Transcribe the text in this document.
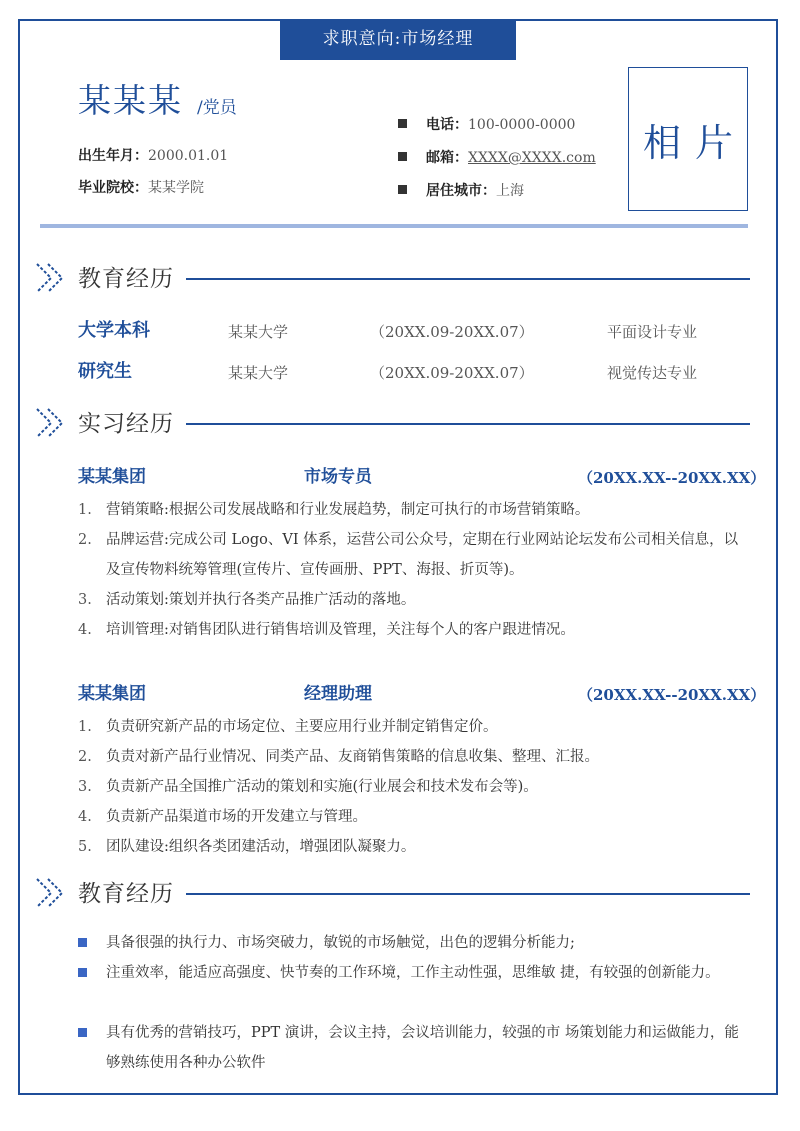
求职意向:市场经理
某某某 /党员
出生年月：2000.01.01
毕业院校：某某学院
电话：100-0000-0000
邮箱：XXXX@XXXX.com
居住城市：上海
相片
教育经历
大学本科	某某大学	（20XX.09-20XX.07）	平面设计专业
研究生	某某大学	（20XX.09-20XX.07）	视觉传达专业
实习经历
某某集团	市场专员	（20XX.XX--20XX.XX）
1. 营销策略:根据公司发展战略和行业发展趋势，制定可执行的市场营销策略。
2. 品牌运营:完成公司 Logo、VI 体系，运营公司公众号，定期在行业网站论坛发布公司相关信息，以及宣传物料统筹管理(宣传片、宣传画册、PPT、海报、折页等)。
3. 活动策划:策划并执行各类产品推广活动的落地。
4. 培训管理:对销售团队进行销售培训及管理，关注每个人的客户跟进情况。
某某集团	经理助理	（20XX.XX--20XX.XX）
1. 负责研究新产品的市场定位、主要应用行业并制定销售定价。
2. 负责对新产品行业情况、同类产品、友商销售策略的信息收集、整理、汇报。
3. 负责新产品全国推广活动的策划和实施(行业展会和技术发布会等)。
4. 负责新产品渠道市场的开发建立与管理。
5. 团队建设:组织各类团建活动，增强团队凝聚力。
教育经历
具备很强的执行力、市场突破力，敏锐的市场触觉，出色的逻辑分析能力;
注重效率，能适应高强度、快节奏的工作环境，工作主动性强，思维敏 捷，有较强的创新能力。
具有优秀的营销技巧，PPT 演讲，会议主持，会议培训能力，较强的市 场策划能力和运做能力，能够熟练使用各种办公软件
